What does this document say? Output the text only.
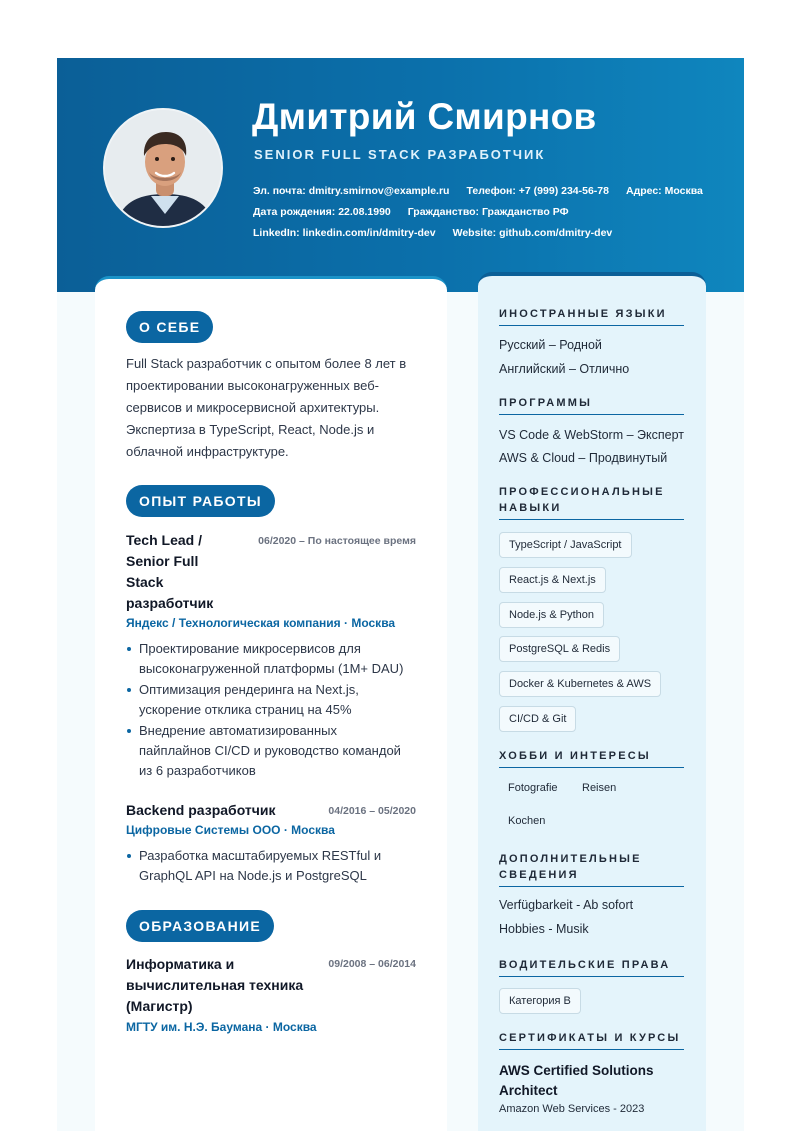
Дмитрий Смирнов
SENIOR FULL STACK РАЗРАБОТЧИК
Эл. почта: dmitry.smirnov@example.ru Телефон: +7 (999) 234-56-78 Адрес: Москва
Дата рождения: 22.08.1990 Гражданство: Гражданство РФ
LinkedIn: linkedin.com/in/dmitry-dev Website: github.com/dmitry-dev
О СЕБЕ
Full Stack разработчик с опытом более 8 лет в проектировании высоконагруженных веб-сервисов и микросервисной архитектуры. Экспертиза в TypeScript, React, Node.js и облачной инфраструктуре.
ОПЫТ РАБОТЫ
Tech Lead / Senior Full Stack разработчик
06/2020 – По настоящее время
Яндекс / Технологическая компания · Москва
Проектирование микросервисов для высоконагруженной платформы (1M+ DAU)
Оптимизация рендеринга на Next.js, ускорение отклика страниц на 45%
Внедрение автоматизированных пайплайнов CI/CD и руководство командой из 6 разработчиков
Backend разработчик	04/2016 – 05/2020
Цифровые Системы ООО · Москва
Разработка масштабируемых RESTful и GraphQL API на Node.js и PostgreSQL
ОБРАЗОВАНИЕ
Информатика и вычислительная техника (Магистр)
09/2008 – 06/2014
МГТУ им. Н.Э. Баумана · Москва
ИНОСТРАННЫЕ ЯЗЫКИ
Русский – Родной
Английский – Отлично
ПРОГРАММЫ
VS Code & WebStorm – Эксперт
AWS & Cloud – Продвинутый
ПРОФЕССИОНАЛЬНЫЕ НАВЫКИ
TypeScript / JavaScript
React.js & Next.js
Node.js & Python
PostgreSQL & Redis
Docker & Kubernetes & AWS
CI/CD & Git
ХОББИ И ИНТЕРЕСЫ
Fotografie Reisen
Kochen
ДОПОЛНИТЕЛЬНЫЕ СВЕДЕНИЯ
Verfügbarkeit - Ab sofort
Hobbies - Musik
ВОДИТЕЛЬСКИЕ ПРАВА
Категория B
СЕРТИФИКАТЫ И КУРСЫ
AWS Certified Solutions Architect
Amazon Web Services - 2023
